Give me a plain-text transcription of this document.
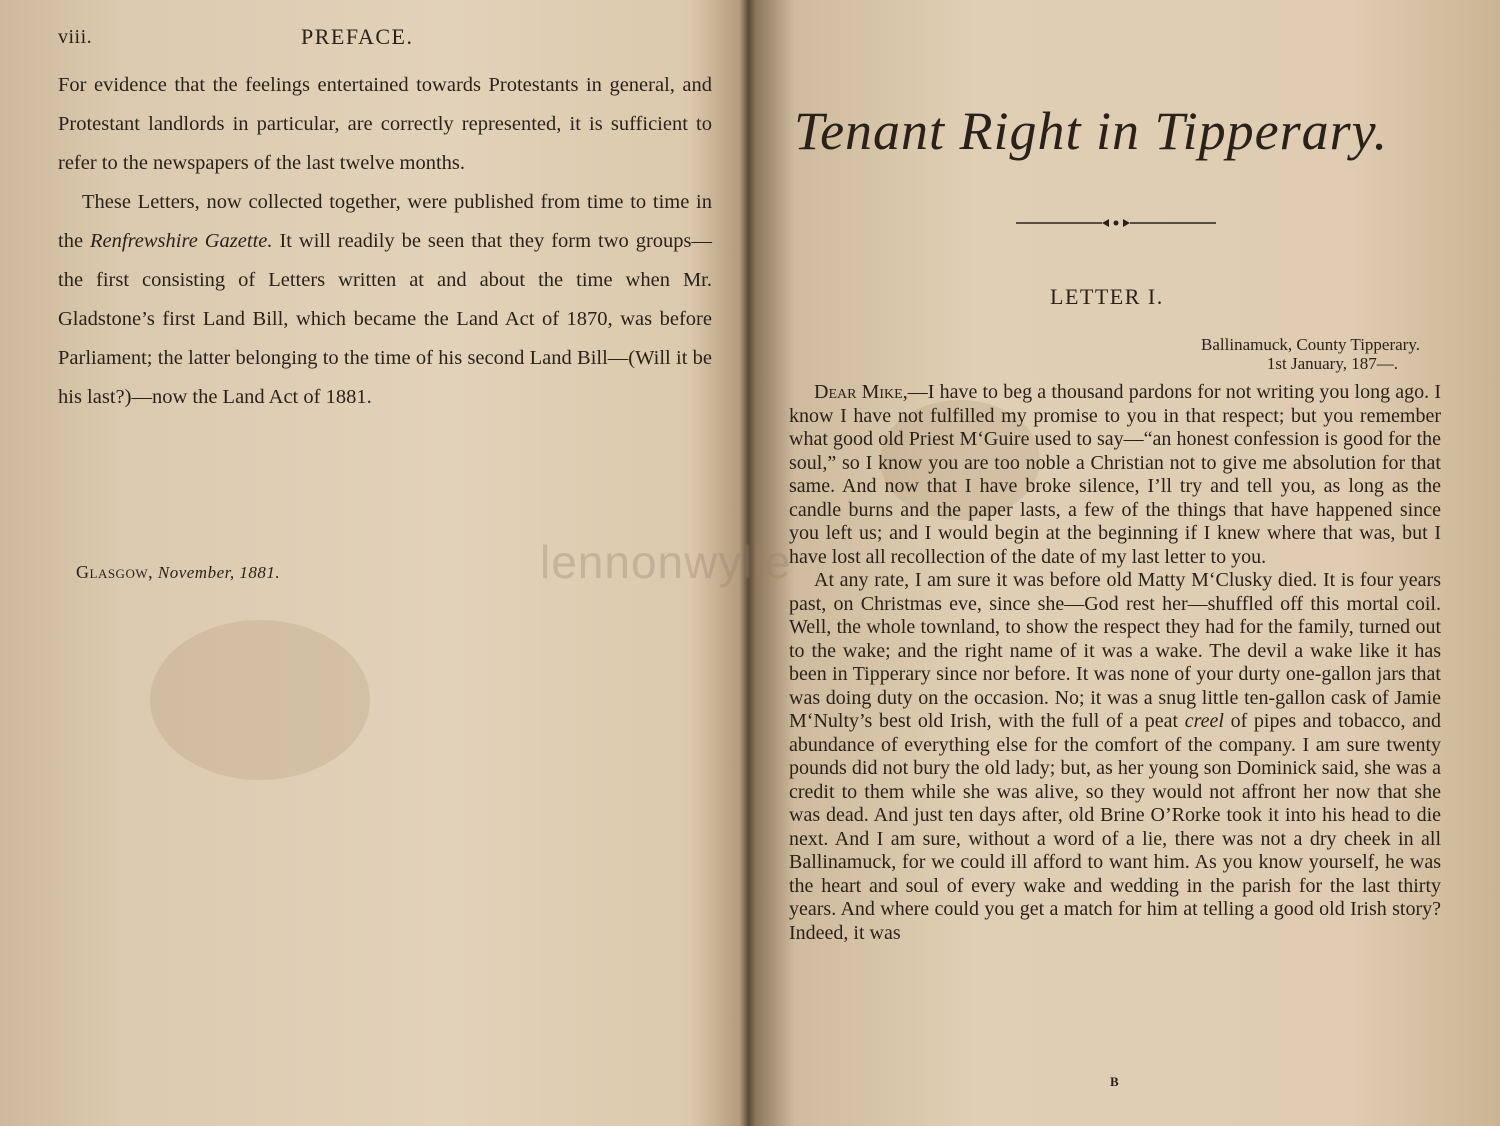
viii.	PREFACE.

For evidence that the feelings entertained towards Protestants in general, and Protestant landlords in particular, are correctly represented, it is sufficient to refer to the newspapers of the last twelve months.

These Letters, now collected together, were published from time to time in the Renfrewshire Gazette. It will readily be seen that they form two groups—the first consisting of Letters written at and about the time when Mr. Gladstone’s first Land Bill, which became the Land Act of 1870, was before Parliament; the latter belonging to the time of his second Land Bill—(Will it be his last?)—now the Land Act of 1881.

Glasgow, November, 1881.
Tenant Right in Tipperary.
LETTER I.
Ballinamuck, County Tipperary.

1st January, 187—.

Dear Mike,—I have to beg a thousand pardons for not writing you long ago. I know I have not fulfilled my promise to you in that respect; but you remember what good old Priest M‘Guire used to say—“an honest confession is good for the soul,” so I know you are too noble a Christian not to give me absolution for that same. And now that I have broke silence, I’ll try and tell you, as long as the candle burns and the paper lasts, a few of the things that have happened since you left us; and I would begin at the beginning if I knew where that was, but I have lost all recollection of the date of my last letter to you.

At any rate, I am sure it was before old Matty M‘Clusky died. It is four years past, on Christmas eve, since she—God rest her—shuffled off this mortal coil. Well, the whole townland, to show the respect they had for the family, turned out to the wake; and the right name of it was a wake. The devil a wake like it has been in Tipperary since nor before. It was none of your durty one-gallon jars that was doing duty on the occasion. No; it was a snug little ten-gallon cask of Jamie M‘Nulty’s best old Irish, with the full of a peat creel of pipes and tobacco, and abundance of everything else for the comfort of the company. I am sure twenty pounds did not bury the old lady; but, as her young son Dominick said, she was a credit to them while she was alive, so they would not affront her now that she was dead. And just ten days after, old Brine O’Rorke took it into his head to die next. And I am sure, without a word of a lie, there was not a dry cheek in all Ballinamuck, for we could ill afford to want him. As you know yourself, he was the heart and soul of every wake and wedding in the parish for the last thirty years. And where could you get a match for him at telling a good old Irish story? Indeed, it was

B
lennonwylie
